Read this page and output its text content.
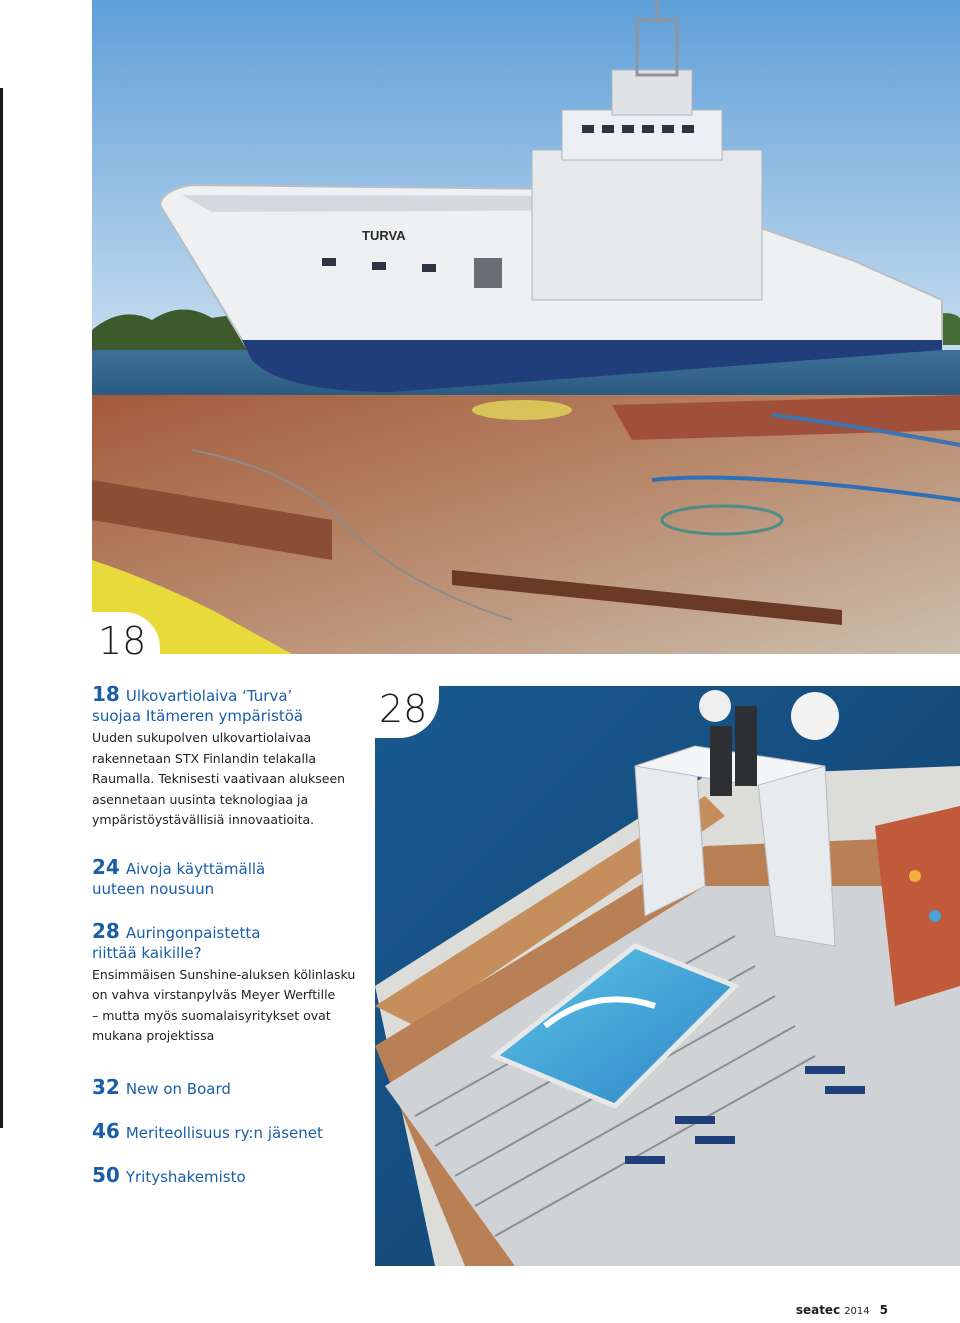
TURVA
18
28

18 Ulkovartiolaiva ‘Turva’
suojaa Itämeren ympäristöä

Uuden sukupolven ulkovartiolaivaa
rakennetaan STX Finlandin telakalla
Raumalla. Teknisesti vaativaan alukseen
asennetaan uusinta teknologiaa ja
ympäristöystävällisiä innovaatioita.

24 Aivoja käyttämällä
uuteen nousuun

28 Auringonpaistetta
riittää kaikille?

Ensimmäisen Sunshine-aluksen kölinlasku
on vahva virstanpylväs Meyer Werftille
– mutta myös suomalaisyritykset ovat
mukana projektissa

32 New on Board

46 Meriteollisuus ry:n jäsenet

50 Yrityshakemisto

seatec 2014 5
